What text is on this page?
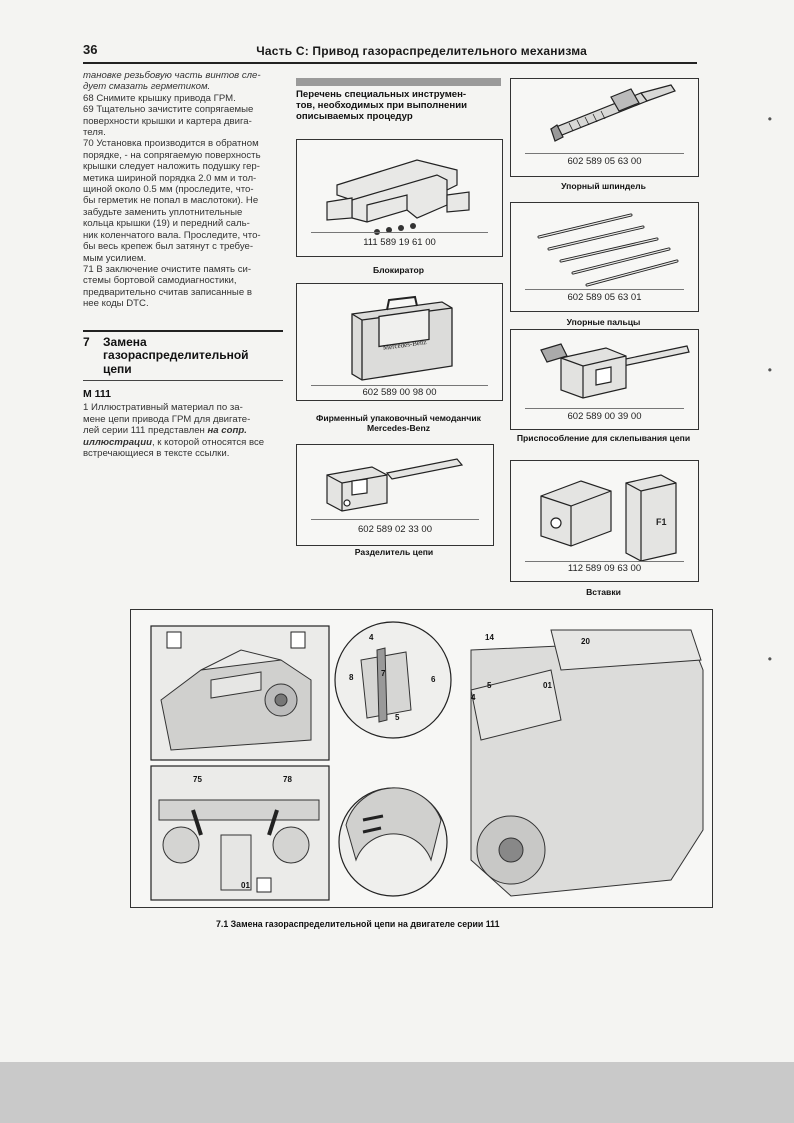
36	Часть С: Привод газораспределительного механизма

тановке резьбовую часть винтов сле-

дует смазать герметиком.

68 Снимите крышку привода ГРМ.

69 Тщательно зачистите сопрягаемые

поверхности крышки и картера двига-

теля.

70 Установка производится в обратном

порядке, - на сопрягаемую поверхность

крышки следует наложить подушку гер-

метика шириной порядка 2.0 мм и тол-

щиной около 0.5 мм (проследите, что-

бы герметик не попал в маслотоки). Не

забудьте заменить уплотнительные

кольца крышки (19) и передний саль-

ник коленчатого вала. Проследите, что-

бы весь крепеж был затянут с требуе-

мым усилием.

71 В заключение очистите память си-

стемы бортовой самодиагностики,

предварительно считав записанные в

нее коды DTC.

7 Замена
газораспределительной
цепи
М 111

1 Иллюстративный материал по за-

мене цепи привода ГРМ для двигате-

лей серии 111 представлен на сопр. иллюстрации, к которой относятся все

встречающиеся в тексте ссылки.

Перечень специальных инструмен-
тов, необходимых при выполнении
описываемых процедур
111 589 19 61 00
Блокиратор
Mercedes-Benz
602 589 00 98 00
Фирменный упаковочный чемоданчик Mercedes-Benz
602 589 02 33 00
Разделитель цепи
602 589 05 63 00
Упорный шпиндель
602 589 05 63 01
Упорные пальцы
602 589 00 39 00
Приспособление для склепывания цепи
F1
112 589 09 63 00
Вставки
75	78
01
20
14
01
4
5
4
8	7
6
5
7.1 Замена газораспределительной цепи на двигателе серии 111
•
•
•
